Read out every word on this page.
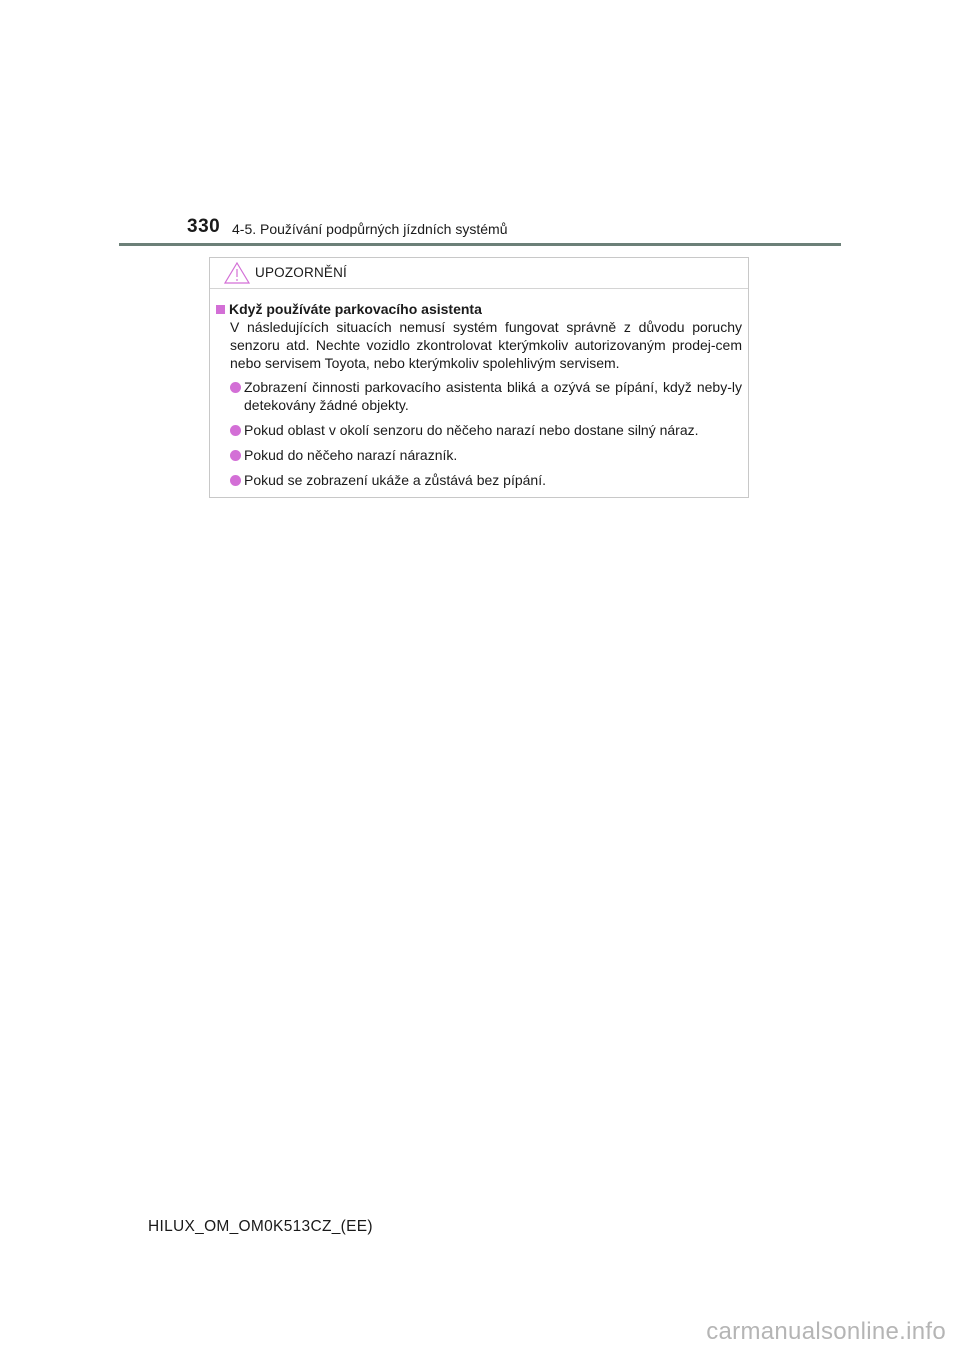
330 4-5. Používání podpůrných jízdních systémů
UPOZORNĚNÍ
Když používáte parkovacího asistenta

V následujících situacích nemusí systém fungovat správně z důvodu poruchy senzoru atd. Nechte vozidlo zkontrolovat kterýmkoliv autorizovaným prodej-cem nebo servisem Toyota, nebo kterýmkoliv spolehlivým servisem.

Zobrazení činnosti parkovacího asistenta bliká a ozývá se pípání, když neby-ly detekovány žádné objekty.
Pokud oblast v okolí senzoru do něčeho narazí nebo dostane silný náraz.
Pokud do něčeho narazí nárazník.
Pokud se zobrazení ukáže a zůstává bez pípání.
HILUX_OM_OM0K513CZ_(EE)
carmanualsonline.info
